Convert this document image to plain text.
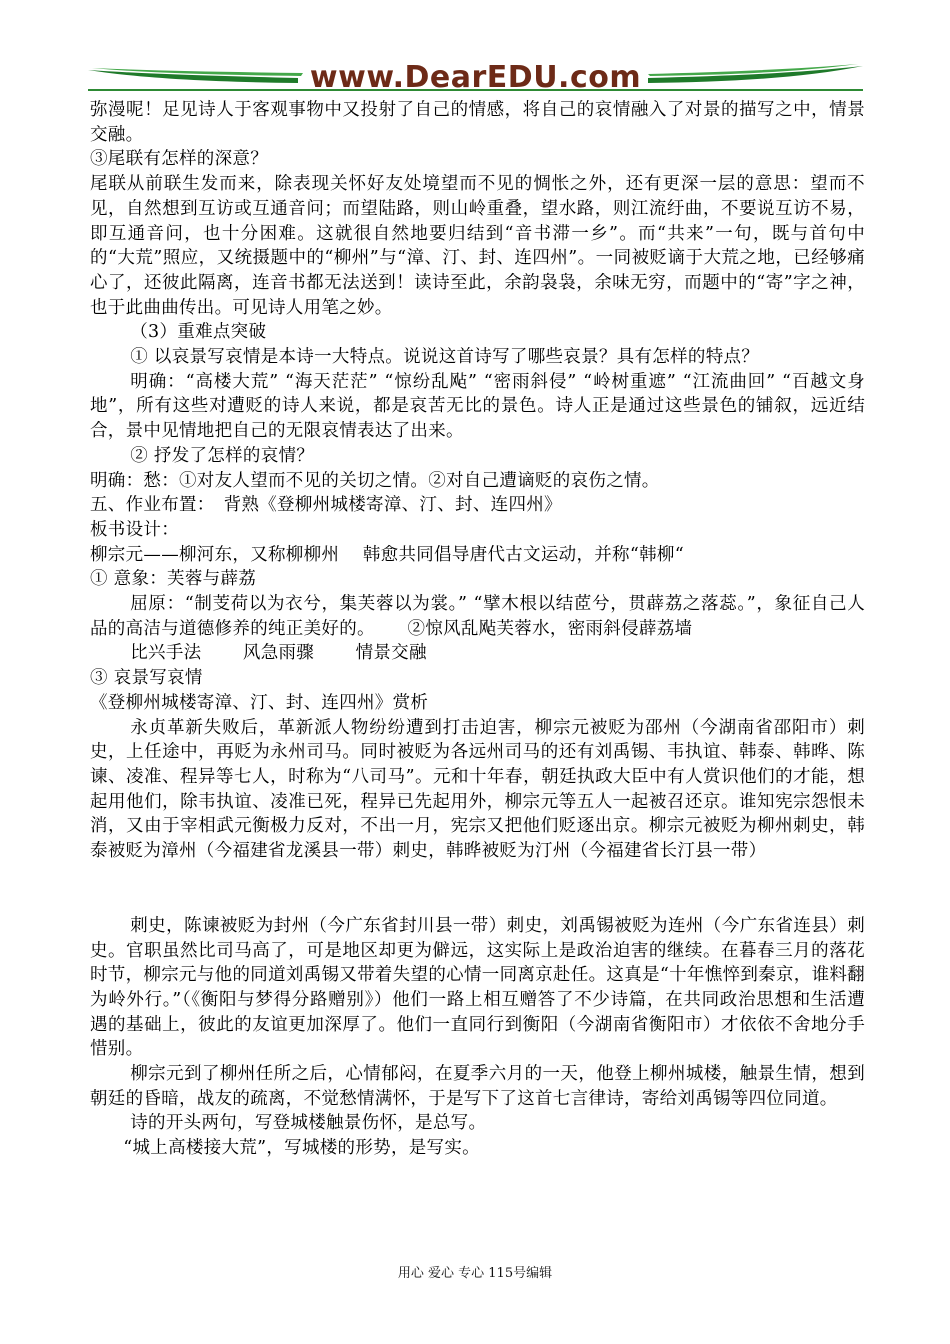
www.DearEDU.com

弥漫呢！足见诗人于客观事物中又投射了自己的情感，将自己的哀情融入了对景的描写之中，情景交融。

③尾联有怎样的深意？

尾联从前联生发而来，除表现关怀好友处境望而不见的惆怅之外，还有更深一层的意思：望而不见，自然想到互访或互通音问；而望陆路，则山岭重叠，望水路，则江流纡曲，不要说互访不易，即互通音问，也十分困难。这就很自然地要归结到“音书滞一乡”。而“共来”一句，既与首句中的“大荒”照应，又统摄题中的“柳州”与“漳、汀、封、连四州”。一同被贬谪于大荒之地，已经够痛心了，还彼此隔离，连音书都无法送到！读诗至此，余韵袅袅，余味无穷，而题中的“寄”字之神，也于此曲曲传出。可见诗人用笔之妙。

（3）重难点突破

① 以哀景写哀情是本诗一大特点。说说这首诗写了哪些哀景？具有怎样的特点？

明确：“高楼大荒” “海天茫茫” “惊纷乱飐” “密雨斜侵” “岭树重遮” “江流曲回” “百越文身地”，所有这些对遭贬的诗人来说，都是哀苦无比的景色。诗人正是通过这些景色的铺叙，远近结合，景中见情地把自己的无限哀情表达了出来。

② 抒发了怎样的哀情？

明确：愁：①对友人望而不见的关切之情。②对自己遭谪贬的哀伤之情。

五、作业布置：　背熟《登柳州城楼寄漳、汀、封、连四州》

板书设计：

柳宗元——柳河东，又称柳柳州　 韩愈共同倡导唐代古文运动，并称“韩柳“

① 意象：芙蓉与薜荔

屈原：“制芰荷以为衣兮，集芙蓉以为裳。” “擘木根以结茝兮，贯薜荔之落蕊。”，象征自己人品的高洁与道德修养的纯正美好的。　　 ②惊风乱飐芙蓉水，密雨斜侵薜荔墙

比兴手法　　 风急雨骤　　 情景交融

③ 哀景写哀情

《登柳州城楼寄漳、汀、封、连四州》赏析

永贞革新失败后，革新派人物纷纷遭到打击迫害，柳宗元被贬为邵州（今湖南省邵阳市）刺史，上任途中，再贬为永州司马。同时被贬为各远州司马的还有刘禹锡、韦执谊、韩泰、韩晔、陈谏、凌准、程异等七人，时称为“八司马”。元和十年春，朝廷执政大臣中有人赏识他们的才能，想起用他们，除韦执谊、凌准已死，程异已先起用外，柳宗元等五人一起被召还京。谁知宪宗怨恨未消，又由于宰相武元衡极力反对，不出一月，宪宗又把他们贬逐出京。柳宗元被贬为柳州刺史，韩泰被贬为漳州（今福建省龙溪县一带）刺史，韩晔被贬为汀州（今福建省长汀县一带）

刺史，陈谏被贬为封州（今广东省封川县一带）刺史，刘禹锡被贬为连州（今广东省连县）刺史。官职虽然比司马高了，可是地区却更为僻远，这实际上是政治迫害的继续。在暮春三月的落花时节，柳宗元与他的同道刘禹锡又带着失望的心情一同离京赴任。这真是“十年憔悴到秦京，谁料翻为岭外行。”（《衡阳与梦得分路赠别》）他们一路上相互赠答了不少诗篇，在共同政治思想和生活遭遇的基础上，彼此的友谊更加深厚了。他们一直同行到衡阳（今湖南省衡阳市）才依依不舍地分手惜别。

柳宗元到了柳州任所之后，心情郁闷，在夏季六月的一天，他登上柳州城楼，触景生情，想到朝廷的昏暗，战友的疏离，不觉愁情满怀，于是写下了这首七言律诗，寄给刘禹锡等四位同道。

诗的开头两句，写登城楼触景伤怀，是总写。

“城上高楼接大荒”，写城楼的形势，是写实。

用心 爱心 专心 115号编辑
